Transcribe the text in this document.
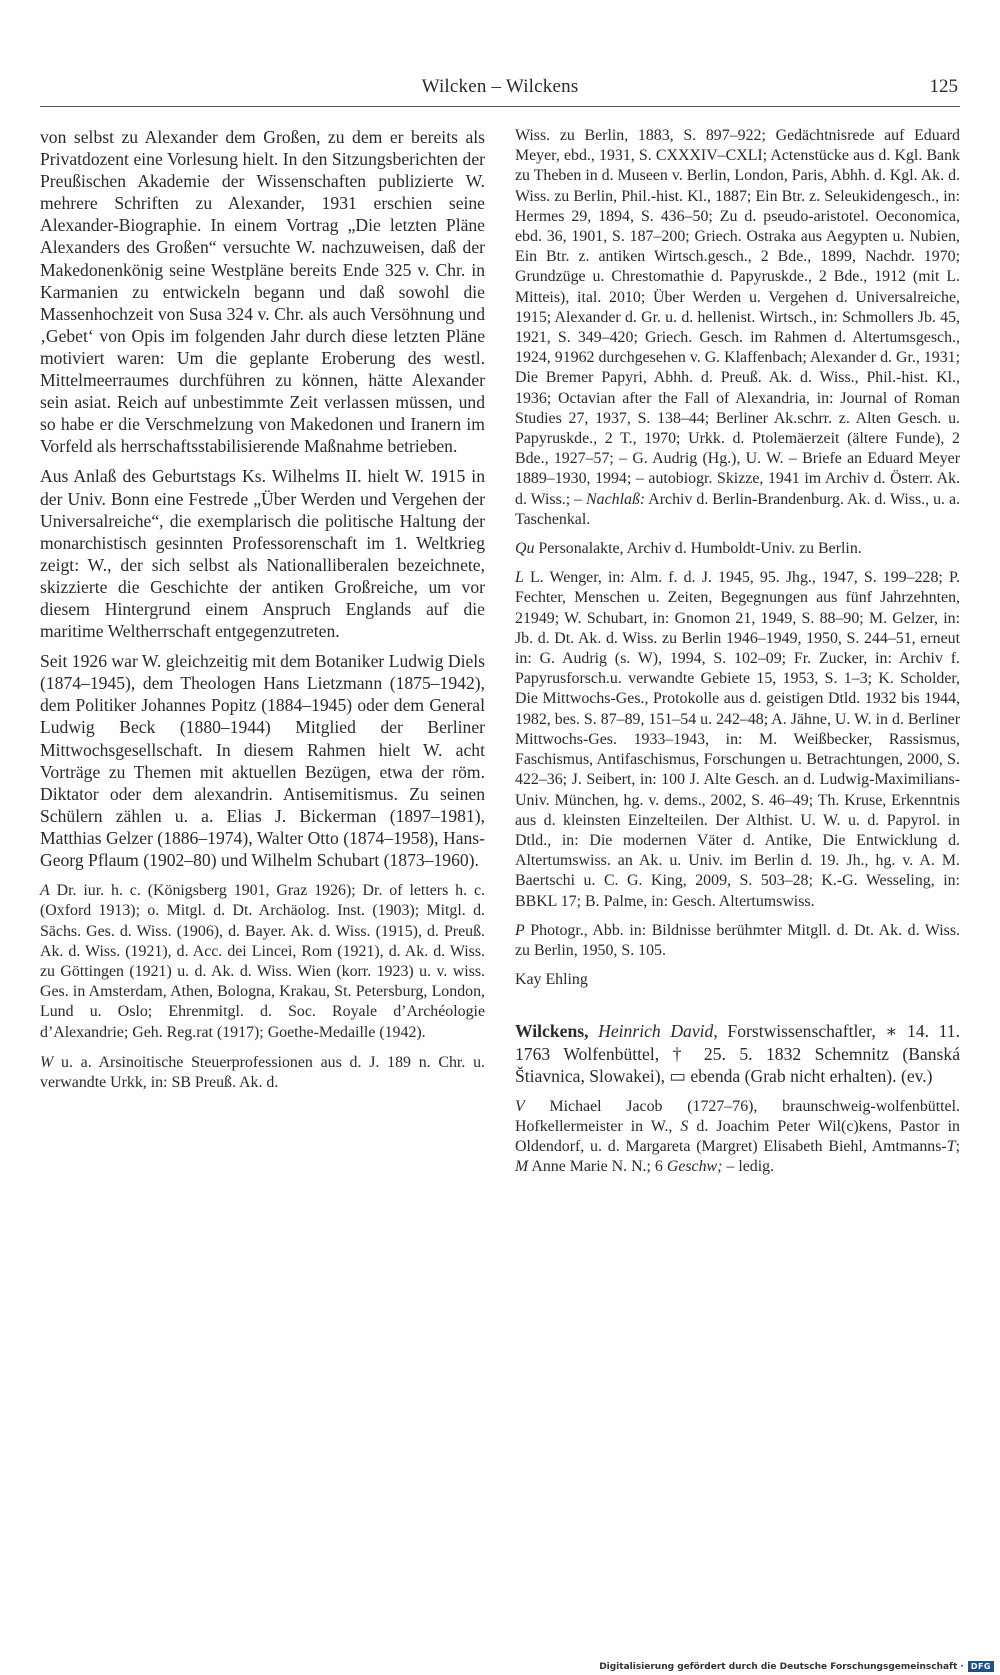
Wilcken – Wilckens	125

von selbst zu Alexander dem Großen, zu dem er bereits als Privatdozent eine Vorlesung hielt. In den Sitzungsberichten der Preußischen Akademie der Wissenschaften publizierte W. mehrere Schriften zu Alexander, 1931 erschien seine Alexander-Biographie. In einem Vortrag „Die letzten Pläne Alexanders des Großen“ versuchte W. nachzuweisen, daß der Makedonenkönig seine Westpläne bereits Ende 325 v. Chr. in Karmanien zu entwickeln begann und daß sowohl die Massenhochzeit von Susa 324 v. Chr. als auch Versöhnung und ‚Gebet‘ von Opis im folgenden Jahr durch diese letzten Pläne motiviert waren: Um die geplante Eroberung des westl. Mittelmeerraumes durchführen zu können, hätte Alexander sein asiat. Reich auf unbestimmte Zeit verlassen müssen, und so habe er die Verschmelzung von Makedonen und Iranern im Vorfeld als herrschaftsstabilisierende Maßnahme betrieben.

Aus Anlaß des Geburtstags Ks. Wilhelms II. hielt W. 1915 in der Univ. Bonn eine Festrede „Über Werden und Vergehen der Universalreiche“, die exemplarisch die politische Haltung der monarchistisch gesinnten Professorenschaft im 1. Weltkrieg zeigt: W., der sich selbst als Nationalliberalen bezeichnete, skizzierte die Geschichte der antiken Großreiche, um vor diesem Hintergrund einem Anspruch Englands auf die maritime Weltherrschaft entgegenzutreten.

Seit 1926 war W. gleichzeitig mit dem Botaniker Ludwig Diels (1874–1945), dem Theologen Hans Lietzmann (1875–1942), dem Politiker Johannes Popitz (1884–1945) oder dem General Ludwig Beck (1880–1944) Mitglied der Berliner Mittwochsgesellschaft. In diesem Rahmen hielt W. acht Vorträge zu Themen mit aktuellen Bezügen, etwa der röm. Diktator oder dem alexandrin. Antisemitismus. Zu seinen Schülern zählen u. a. Elias J. Bickerman (1897–1981), Matthias Gelzer (1886–1974), Walter Otto (1874–1958), Hans-Georg Pflaum (1902–80) und Wilhelm Schubart (1873–1960).

A Dr. iur. h. c. (Königsberg 1901, Graz 1926); Dr. of letters h. c. (Oxford 1913); o. Mitgl. d. Dt. Archäolog. Inst. (1903); Mitgl. d. Sächs. Ges. d. Wiss. (1906), d. Bayer. Ak. d. Wiss. (1915), d. Preuß. Ak. d. Wiss. (1921), d. Acc. dei Lincei, Rom (1921), d. Ak. d. Wiss. zu Göttingen (1921) u. d. Ak. d. Wiss. Wien (korr. 1923) u. v. wiss. Ges. in Amsterdam, Athen, Bologna, Krakau, St. Petersburg, London, Lund u. Oslo; Ehrenmitgl. d. Soc. Royale d’Archéologie d’Alexandrie; Geh. Reg.rat (1917); Goethe-Medaille (1942).

W u. a. Arsinoitische Steuerprofessionen aus d. J. 189 n. Chr. u. verwandte Urkk, in: SB Preuß. Ak. d.

Wiss. zu Berlin, 1883, S. 897–922; Gedächtnisrede auf Eduard Meyer, ebd., 1931, S. CXXXIV–CXLI; Actenstücke aus d. Kgl. Bank zu Theben in d. Museen v. Berlin, London, Paris, Abhh. d. Kgl. Ak. d. Wiss. zu Berlin, Phil.-hist. Kl., 1887; Ein Btr. z. Seleukidengesch., in: Hermes 29, 1894, S. 436–50; Zu d. pseudo-aristotel. Oeconomica, ebd. 36, 1901, S. 187–200; Griech. Ostraka aus Aegypten u. Nubien, Ein Btr. z. antiken Wirtsch.gesch., 2 Bde., 1899, Nachdr. 1970; Grundzüge u. Chrestomathie d. Papyruskde., 2 Bde., 1912 (mit L. Mitteis), ital. 2010; Über Werden u. Vergehen d. Universalreiche, 1915; Alexander d. Gr. u. d. hellenist. Wirtsch., in: Schmollers Jb. 45, 1921, S. 349–420; Griech. Gesch. im Rahmen d. Altertumsgesch., 1924, 91962 durchgesehen v. G. Klaffenbach; Alexander d. Gr., 1931; Die Bremer Papyri, Abhh. d. Preuß. Ak. d. Wiss., Phil.-hist. Kl., 1936; Octavian after the Fall of Alexandria, in: Journal of Roman Studies 27, 1937, S. 138–44; Berliner Ak.schrr. z. Alten Gesch. u. Papyruskde., 2 T., 1970; Urkk. d. Ptolemäerzeit (ältere Funde), 2 Bde., 1927–57; – G. Audrig (Hg.), U. W. – Briefe an Eduard Meyer 1889–1930, 1994; – autobiogr. Skizze, 1941 im Archiv d. Österr. Ak. d. Wiss.; – Nachlaß: Archiv d. Berlin-Brandenburg. Ak. d. Wiss., u. a. Taschenkal.

Qu Personalakte, Archiv d. Humboldt-Univ. zu Berlin.

L L. Wenger, in: Alm. f. d. J. 1945, 95. Jhg., 1947, S. 199–228; P. Fechter, Menschen u. Zeiten, Begegnungen aus fünf Jahrzehnten, 21949; W. Schubart, in: Gnomon 21, 1949, S. 88–90; M. Gelzer, in: Jb. d. Dt. Ak. d. Wiss. zu Berlin 1946–1949, 1950, S. 244–51, erneut in: G. Audrig (s. W), 1994, S. 102–09; Fr. Zucker, in: Archiv f. Papyrusforsch.u. verwandte Gebiete 15, 1953, S. 1–3; K. Scholder, Die Mittwochs-Ges., Protokolle aus d. geistigen Dtld. 1932 bis 1944, 1982, bes. S. 87–89, 151–54 u. 242–48; A. Jähne, U. W. in d. Berliner Mittwochs-Ges. 1933–1943, in: M. Weißbecker, Rassismus, Faschismus, Antifaschismus, Forschungen u. Betrachtungen, 2000, S. 422–36; J. Seibert, in: 100 J. Alte Gesch. an d. Ludwig-Maximilians-Univ. München, hg. v. dems., 2002, S. 46–49; Th. Kruse, Erkenntnis aus d. kleinsten Einzelteilen. Der Althist. U. W. u. d. Papyrol. in Dtld., in: Die modernen Väter d. Antike, Die Entwicklung d. Altertumswiss. an Ak. u. Univ. im Berlin d. 19. Jh., hg. v. A. M. Baertschi u. C. G. King, 2009, S. 503–28; K.-G. Wesseling, in: BBKL 17; B. Palme, in: Gesch. Altertumswiss.

P Photogr., Abb. in: Bildnisse berühmter Mitgll. d. Dt. Ak. d. Wiss. zu Berlin, 1950, S. 105.

Kay Ehling

Wilckens, Heinrich David, Forstwissenschaftler, ∗ 14. 11. 1763 Wolfenbüttel, † 25. 5. 1832 Schemnitz (Banská Štiavnica, Slowakei), ▭ ebenda (Grab nicht erhalten). (ev.)

V Michael Jacob (1727–76), braunschweig-wolfenbüttel. Hofkellermeister in W., S d. Joachim Peter Wil(c)kens, Pastor in Oldendorf, u. d. Margareta (Margret) Elisabeth Biehl, Amtmanns-T; M Anne Marie N. N.; 6 Geschw; – ledig.

Digitalisierung gefördert durch die Deutsche Forschungsgemeinschaft · DFG
